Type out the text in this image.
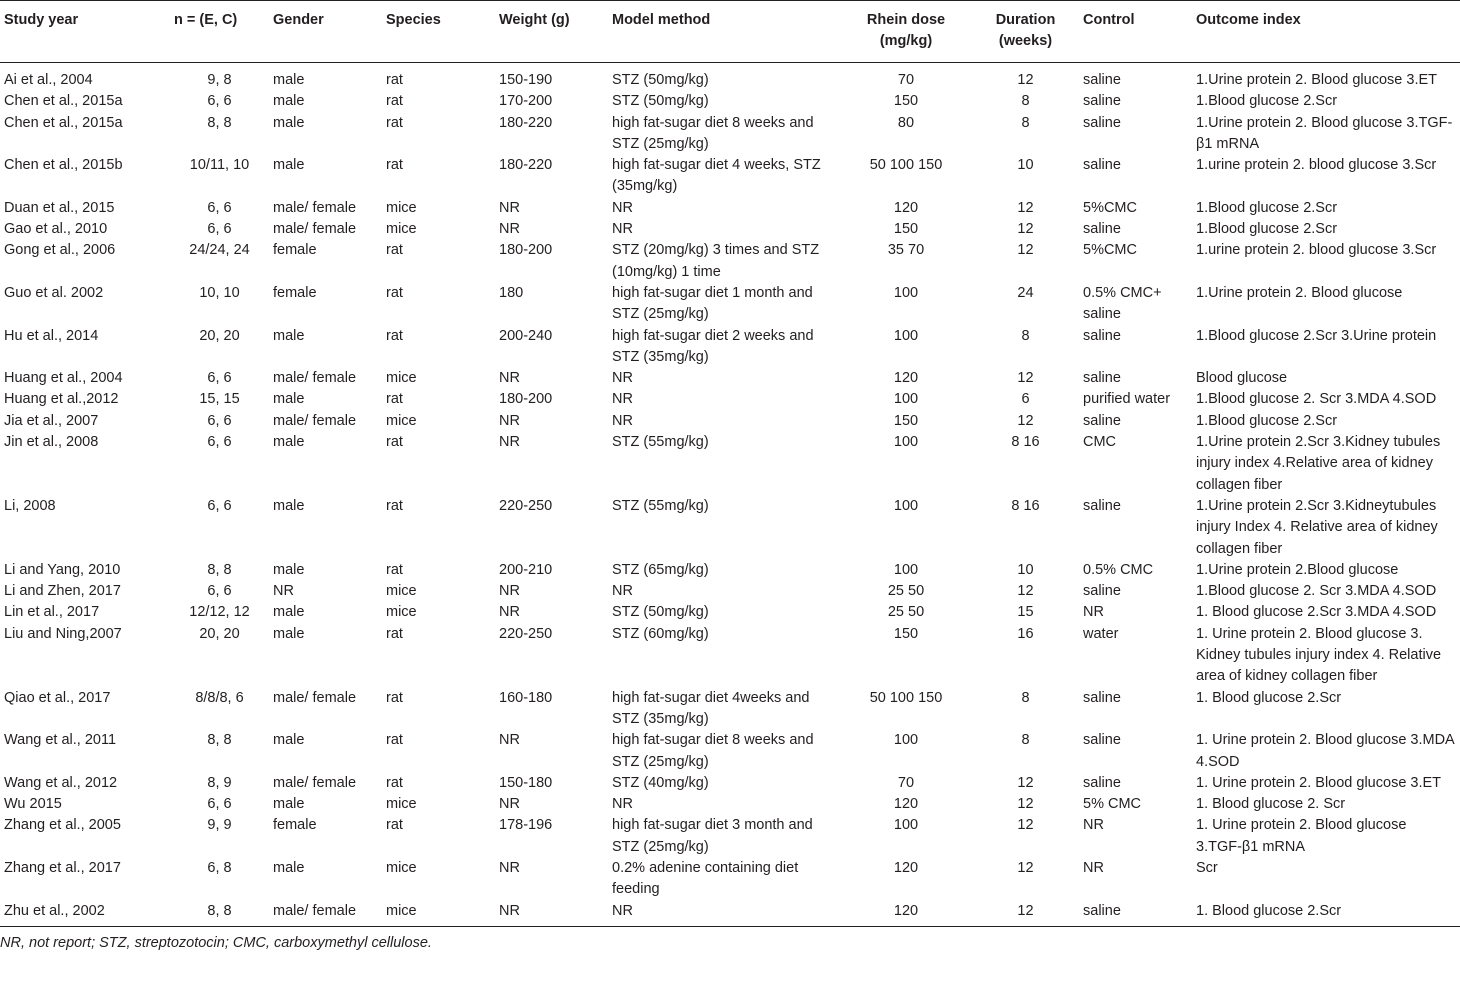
Study year	n = (E, C)	Gender	Species	Weight (g)	Model method	Rhein dose (mg/kg)	Duration (weeks)	Control	Outcome index
Ai et al., 2004	9, 8	male	rat	150-190	STZ (50mg/kg)	70	12	saline	1.Urine protein 2. Blood glucose 3.ET
Chen et al., 2015a	6, 6	male	rat	170-200	STZ (50mg/kg)	150	8	saline	1.Blood glucose 2.Scr
Chen et al., 2015a	8, 8	male	rat	180-220	high fat-sugar diet 8 weeks and STZ (25mg/kg)	80	8	saline	1.Urine protein 2. Blood glucose 3.TGF-β1 mRNA
Chen et al., 2015b	10/11, 10	male	rat	180-220	high fat-sugar diet 4 weeks, STZ (35mg/kg)	50 100 150	10	saline	1.urine protein 2. blood glucose 3.Scr
Duan et al., 2015	6, 6	male/ female	mice	NR	NR	120	12	5%CMC	1.Blood glucose 2.Scr
Gao et al., 2010	6, 6	male/ female	mice	NR	NR	150	12	saline	1.Blood glucose 2.Scr
Gong et al., 2006	24/24, 24	female	rat	180-200	STZ (20mg/kg) 3 times and STZ (10mg/kg) 1 time	35 70	12	5%CMC	1.urine protein 2. blood glucose 3.Scr
Guo et al. 2002	10, 10	female	rat	180	high fat-sugar diet 1 month and STZ (25mg/kg)	100	24	0.5% CMC+ saline	1.Urine protein 2. Blood glucose
Hu et al., 2014	20, 20	male	rat	200-240	high fat-sugar diet 2 weeks and STZ (35mg/kg)	100	8	saline	1.Blood glucose 2.Scr 3.Urine protein
Huang et al., 2004	6, 6	male/ female	mice	NR	NR	120	12	saline	Blood glucose
Huang et al.,2012	15, 15	male	rat	180-200	NR	100	6	purified water	1.Blood glucose 2. Scr 3.MDA 4.SOD
Jia et al., 2007	6, 6	male/ female	mice	NR	NR	150	12	saline	1.Blood glucose 2.Scr
Jin et al., 2008	6, 6	male	rat	NR	STZ (55mg/kg)	100	8 16	CMC	1.Urine protein 2.Scr 3.Kidney tubules injury index 4.Relative area of kidney collagen fiber
Li, 2008	6, 6	male	rat	220-250	STZ (55mg/kg)	100	8 16	saline	1.Urine protein 2.Scr 3.Kidneytubules injury Index 4. Relative area of kidney collagen fiber
Li and Yang, 2010	8, 8	male	rat	200-210	STZ (65mg/kg)	100	10	0.5% CMC	1.Urine protein 2.Blood glucose
Li and Zhen, 2017	6, 6	NR	mice	NR	NR	25 50	12	saline	1.Blood glucose 2. Scr 3.MDA 4.SOD
Lin et al., 2017	12/12, 12	male	mice	NR	STZ (50mg/kg)	25 50	15	NR	1. Blood glucose 2.Scr 3.MDA 4.SOD
Liu and Ning,2007	20, 20	male	rat	220-250	STZ (60mg/kg)	150	16	water	1. Urine protein 2. Blood glucose 3. Kidney tubules injury index 4. Relative area of kidney collagen fiber
Qiao et al., 2017	8/8/8, 6	male/ female	rat	160-180	high fat-sugar diet 4weeks and STZ (35mg/kg)	50 100 150	8	saline	1. Blood glucose 2.Scr
Wang et al., 2011	8, 8	male	rat	NR	high fat-sugar diet 8 weeks and STZ (25mg/kg)	100	8	saline	1. Urine protein 2. Blood glucose 3.MDA 4.SOD
Wang et al., 2012	8, 9	male/ female	rat	150-180	STZ (40mg/kg)	70	12	saline	1. Urine protein 2. Blood glucose 3.ET
Wu 2015	6, 6	male	mice	NR	NR	120	12	5% CMC	1. Blood glucose 2. Scr
Zhang et al., 2005	9, 9	female	rat	178-196	high fat-sugar diet 3 month and STZ (25mg/kg)	100	12	NR	1. Urine protein 2. Blood glucose 3.TGF-β1 mRNA
Zhang et al., 2017	6, 8	male	mice	NR	0.2% adenine containing diet feeding	120	12	NR	Scr
Zhu et al., 2002	8, 8	male/ female	mice	NR	NR	120	12	saline	1. Blood glucose 2.Scr
NR, not report; STZ, streptozotocin; CMC, carboxymethyl cellulose.
